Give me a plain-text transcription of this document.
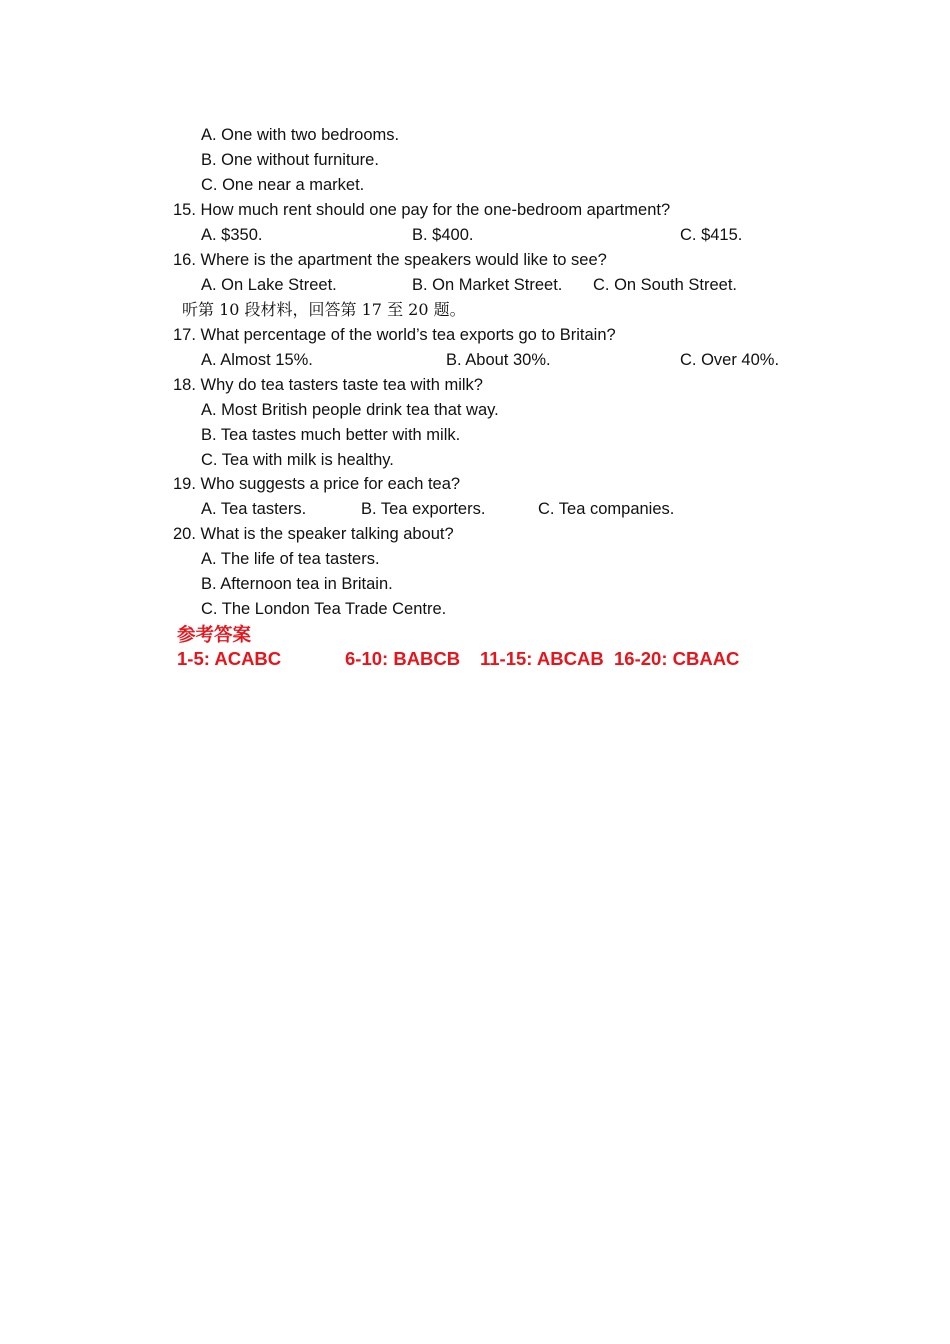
A. One with two bedrooms.
B. One without furniture.
C. One near a market.
15. How much rent should one pay for the one-bedroom apartment?
A. $350.	B. $400.	C. $415.
16. Where is the apartment the speakers would like to see?
A. On Lake Street.	B. On Market Street. C. On South Street.
听第 10 段材料，回答第 17 至 20 题。
17. What percentage of the world’s tea exports go to Britain?
A. Almost 15%.	B. About 30%.	C. Over 40%.
18. Why do tea tasters taste tea with milk?
A. Most British people drink tea that way.
B. Tea tastes much better with milk.
C. Tea with milk is healthy.
19. Who suggests a price for each tea?
A. Tea tasters.	B. Tea exporters.	C. Tea companies.
20. What is the speaker talking about?
A. The life of tea tasters.
B. Afternoon tea in Britain.
C. The London Tea Trade Centre.
参考答案
1-5: ACABC	6-10: BABCB 11-15: ABCAB 16-20: CBAAC
